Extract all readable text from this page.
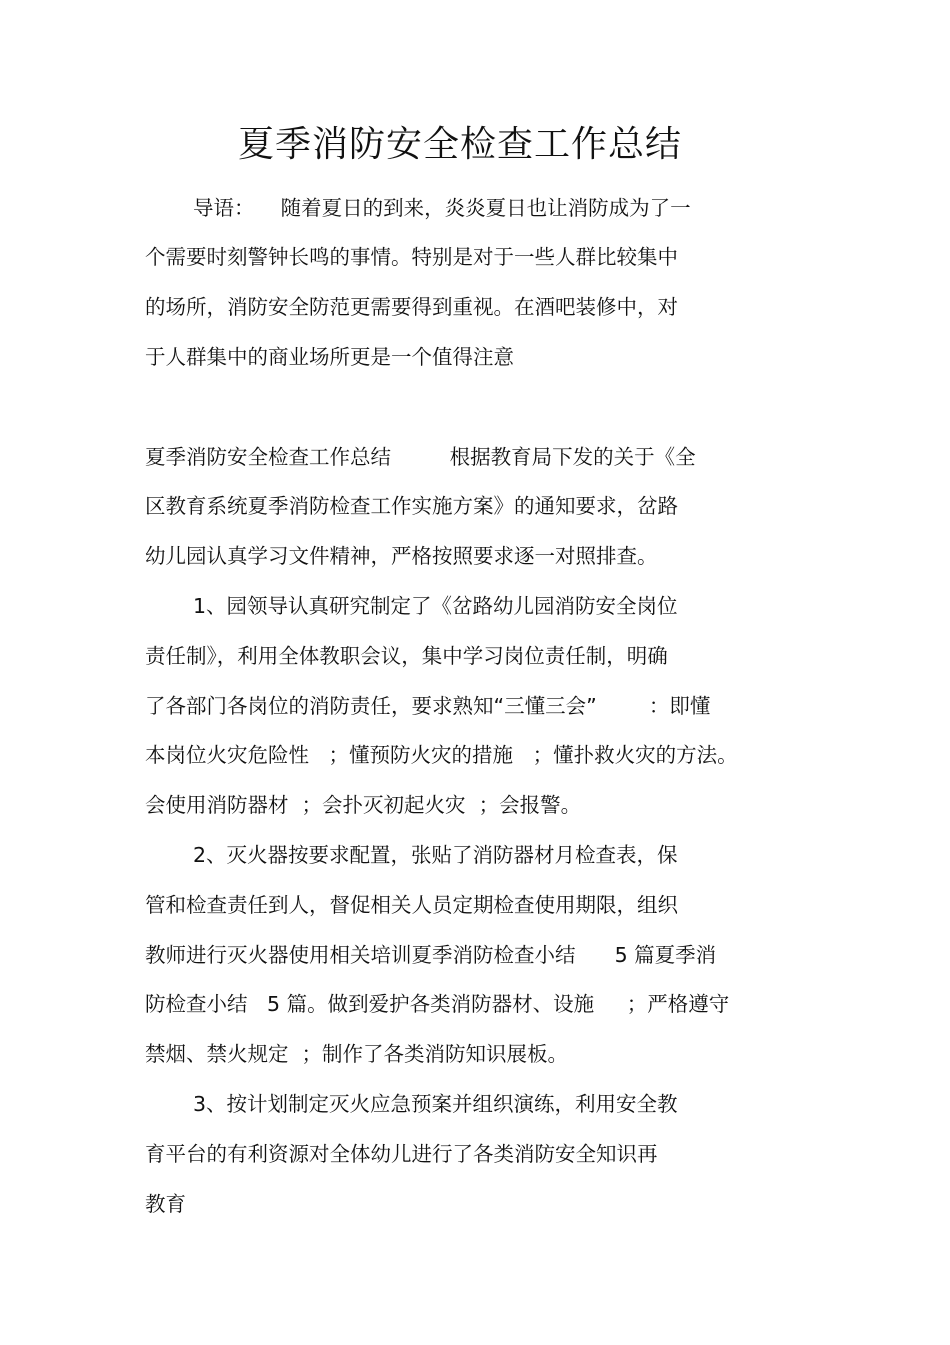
夏季消防安全检查工作总结
导语：    随着夏日的到来，炎炎夏日也让消防成为了一
个需要时刻警钟长鸣的事情。特别是对于一些人群比较集中
的场所，消防安全防范更需要得到重视。在酒吧装修中，对
于人群集中的商业场所更是一个值得注意
夏季消防安全检查工作总结         根据教育局下发的关于《全
区教育系统夏季消防检查工作实施方案》的通知要求，岔路
幼儿园认真学习文件精神，严格按照要求逐一对照排查。
1、园领导认真研究制定了《岔路幼儿园消防安全岗位
责任制》，利用全体教职会议，集中学习岗位责任制，明确
了各部门各岗位的消防责任，要求熟知“三懂三会”        ：即懂
本岗位火灾危险性   ；懂预防火灾的措施   ；懂扑救火灾的方法。
会使用消防器材  ；会扑灭初起火灾  ；会报警。
2、灭火器按要求配置，张贴了消防器材月检查表，保
管和检查责任到人，督促相关人员定期检查使用期限，组织
教师进行灭火器使用相关培训夏季消防检查小结      5 篇夏季消
防检查小结   5 篇。做到爱护各类消防器材、设施     ；严格遵守
禁烟、禁火规定  ；制作了各类消防知识展板。
3、按计划制定灭火应急预案并组织演练，利用安全教
育平台的有利资源对全体幼儿进行了各类消防安全知识再
教育
